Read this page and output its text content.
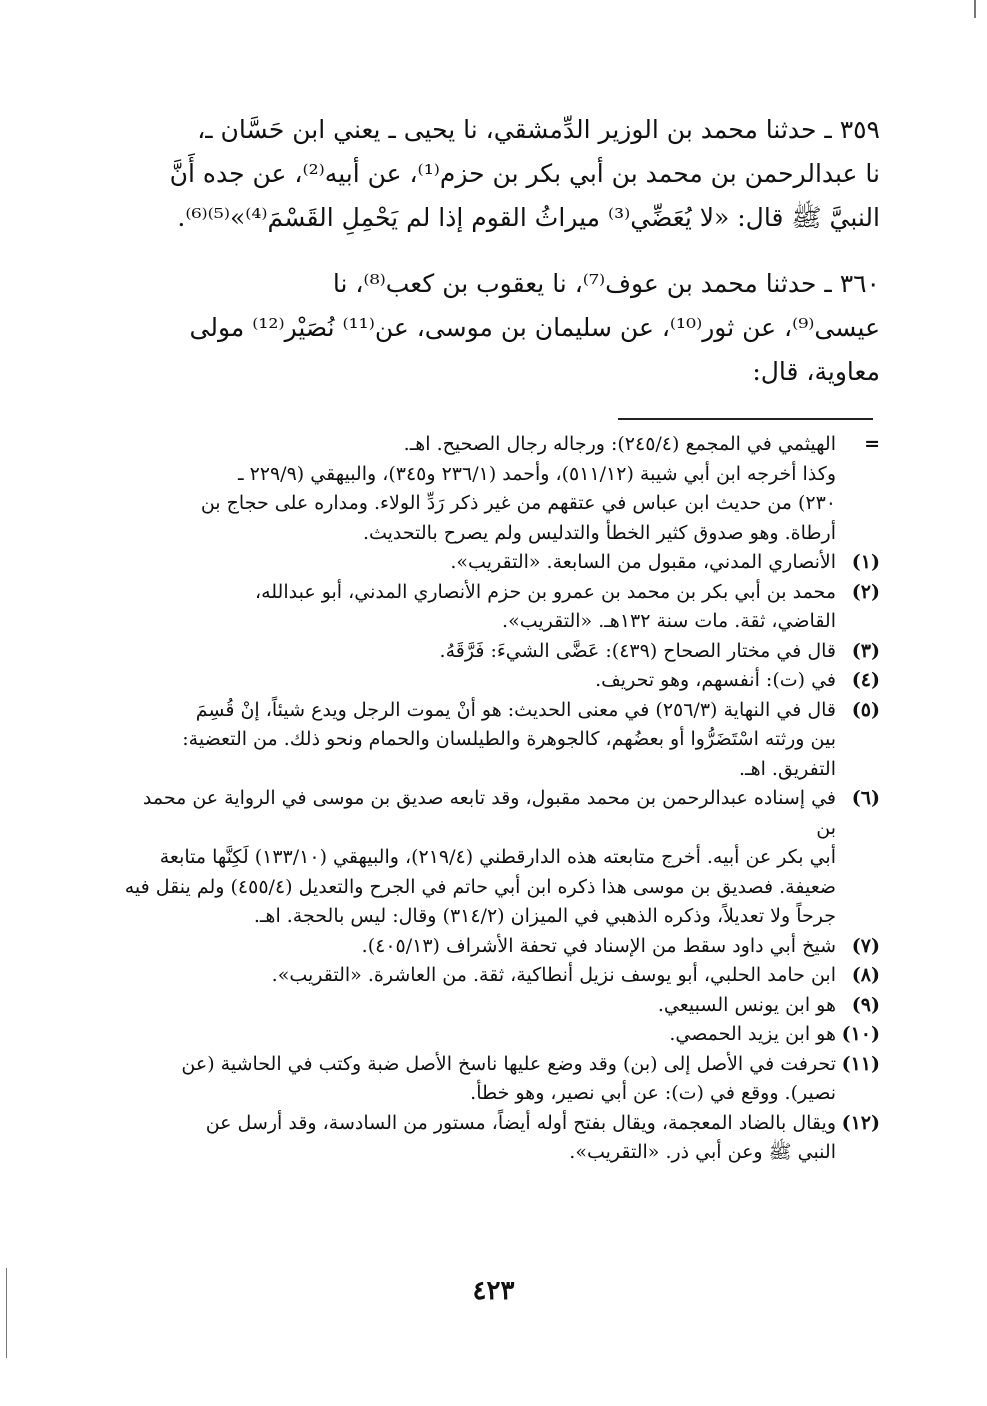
٣٥٩ ـ حدثنا محمد بن الوزير الدِّمشقي، نا يحيى ـ يعني ابن حَسَّان ـ،
نا عبدالرحمن بن محمد بن أبي بكر بن حزم⁽¹⁾، عن أبيه⁽²⁾، عن جده أَنَّ
النبيَّ ﷺ قال: «لا يُعَضِّي⁽³⁾ ميراثُ القوم إذا لم يَحْمِلِ القَسْمَ⁽⁴⁾»⁽⁵⁾⁽⁶⁾.
٣٦٠ ـ حدثنا محمد بن عوف⁽⁷⁾، نا يعقوب بن كعب⁽⁸⁾، نا
عيسى⁽⁹⁾، عن ثور⁽¹⁰⁾، عن سليمان بن موسى، عن⁽¹¹⁾ نُصَيْر⁽¹²⁾ مولى
معاوية، قال:
=
الهيثمي في المجمع (٢٤٥/٤): ورجاله رجال الصحيح. اهـ.
وكذا أخرجه ابن أبي شيبة (٥١١/١٢)، وأحمد (٢٣٦/١ و٣٤٥)، والبيهقي (٢٢٩/٩ ـ
٢٣٠) من حديث ابن عباس في عتقهم من غير ذكر رَدِّ الولاء. ومداره على حجاج بن
أرطاة. وهو صدوق كثير الخطأ والتدليس ولم يصرح بالتحديث.
(١)
الأنصاري المدني، مقبول من السابعة. «التقريب».
(٢)
محمد بن أبي بكر بن محمد بن عمرو بن حزم الأنصاري المدني، أبو عبدالله،
القاضي، ثقة. مات سنة ١٣٢هـ. «التقريب».
(٣)
قال في مختار الصحاح (٤٣٩): عَضَّى الشيءَ: فَرَّقَهُ.
(٤)
في (ت): أنفسهم، وهو تحريف.
(٥)
قال في النهاية (٢٥٦/٣) في معنى الحديث: هو أنْ يموت الرجل ويدع شيئاً، إنْ قُسِمَ
بين ورثته اسْتَضَرُّوا أو بعضُهم، كالجوهرة والطيلسان والحمام ونحو ذلك. من التعضية:
التفريق. اهـ.
(٦)
في إسناده عبدالرحمن بن محمد مقبول، وقد تابعه صديق بن موسى في الرواية عن محمد بن
أبي بكر عن أبيه. أخرج متابعته هذه الدارقطني (٢١٩/٤)، والبيهقي (١٣٣/١٠) لَكِنَّها متابعة
ضعيفة. فصديق بن موسى هذا ذكره ابن أبي حاتم في الجرح والتعديل (٤٥٥/٤) ولم ينقل فيه
جرحاً ولا تعديلاً، وذكره الذهبي في الميزان (٣١٤/٢) وقال: ليس بالحجة. اهـ.
(٧)
شيخ أبي داود سقط من الإسناد في تحفة الأشراف (٤٠٥/١٣).
(٨)
ابن حامد الحلبي، أبو يوسف نزيل أنطاكية، ثقة. من العاشرة. «التقريب».
(٩)
هو ابن يونس السبيعي.
(١٠)
هو ابن يزيد الحمصي.
(١١)
تحرفت في الأصل إلى (بن) وقد وضع عليها ناسخ الأصل ضبة وكتب في الحاشية (عن
نصير). ووقع في (ت): عن أبي نصير، وهو خطأ.
(١٢)
ويقال بالضاد المعجمة، ويقال بفتح أوله أيضاً، مستور من السادسة، وقد أرسل عن
النبي ﷺ وعن أبي ذر. «التقريب».
٤٢٣
